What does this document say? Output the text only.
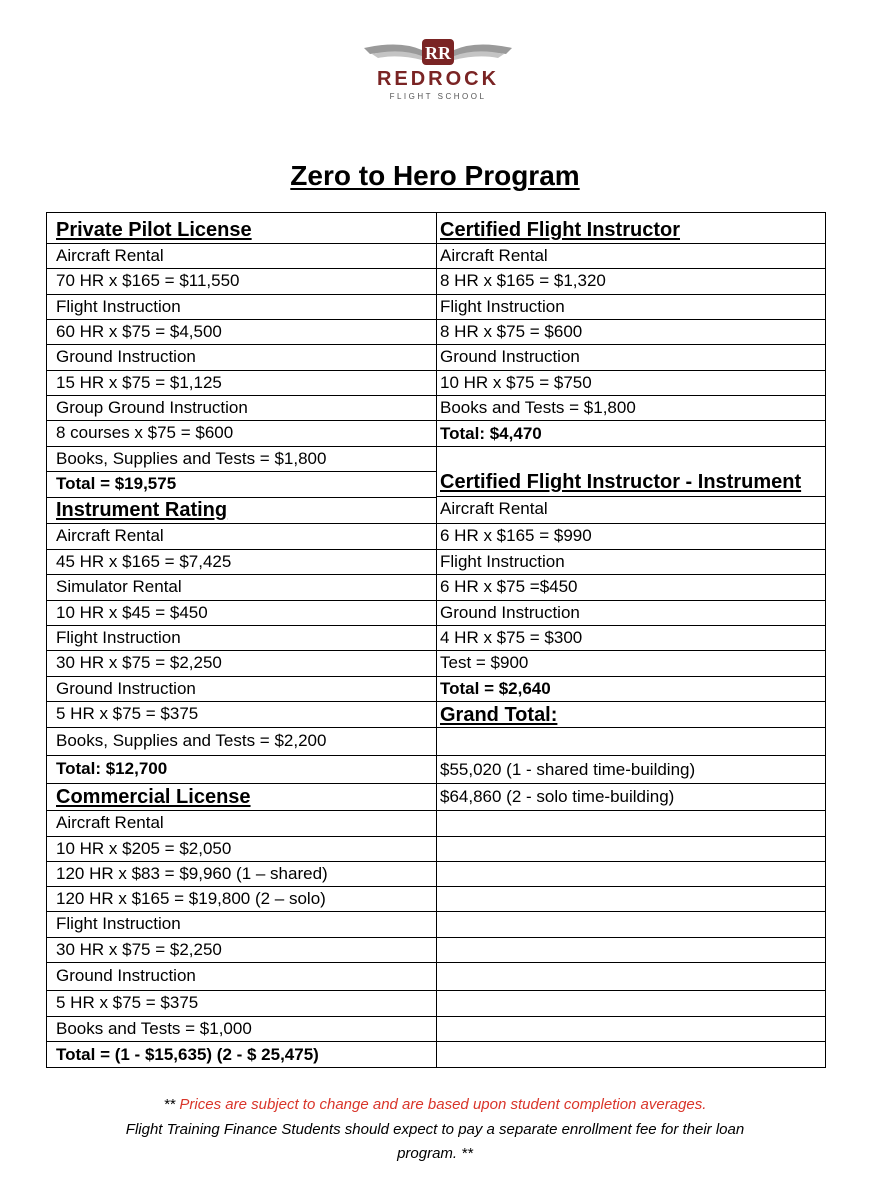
RR
REDROCK
FLIGHT SCHOOL
Zero to Hero Program
Private Pilot License
Aircraft Rental
70 HR x $165 = $11,550
Flight Instruction
60 HR x $75 = $4,500
Ground Instruction
15 HR x $75 = $1,125
Group Ground Instruction
8 courses x $75 = $600
Books, Supplies and Tests = $1,800
Total = $19,575
Instrument Rating
Aircraft Rental
45 HR x $165 = $7,425
Simulator Rental
10 HR x $45 = $450
Flight Instruction
30 HR x $75 = $2,250
Ground Instruction
5 HR x $75 = $375
Books, Supplies and Tests = $2,200
Total: $12,700
Commercial License
Aircraft Rental
10 HR x $205 = $2,050
120 HR x $83 = $9,960 (1 – shared)
120 HR x $165 = $19,800 (2 – solo)
Flight Instruction
30 HR x $75 = $2,250
Ground Instruction
5 HR x $75 = $375
Books and Tests = $1,000
Total = (1 - $15,635) (2 - $ 25,475)
Certified Flight Instructor
Aircraft Rental
8 HR x $165 = $1,320
Flight Instruction
8 HR x $75 = $600
Ground Instruction
10 HR x $75 = $750
Books and Tests = $1,800
Total: $4,470
Certified Flight Instructor - Instrument
Aircraft Rental
6 HR x $165 = $990
Flight Instruction
6 HR x $75 =$450
Ground Instruction
4 HR x $75 = $300
Test = $900
Total = $2,640
Grand Total:
$55,020 (1 - shared time-building)
$64,860 (2 - solo time-building)
** Prices are subject to change and are based upon student completion averages.
Flight Training Finance Students should expect to pay a separate enrollment fee for their loan
program. **
